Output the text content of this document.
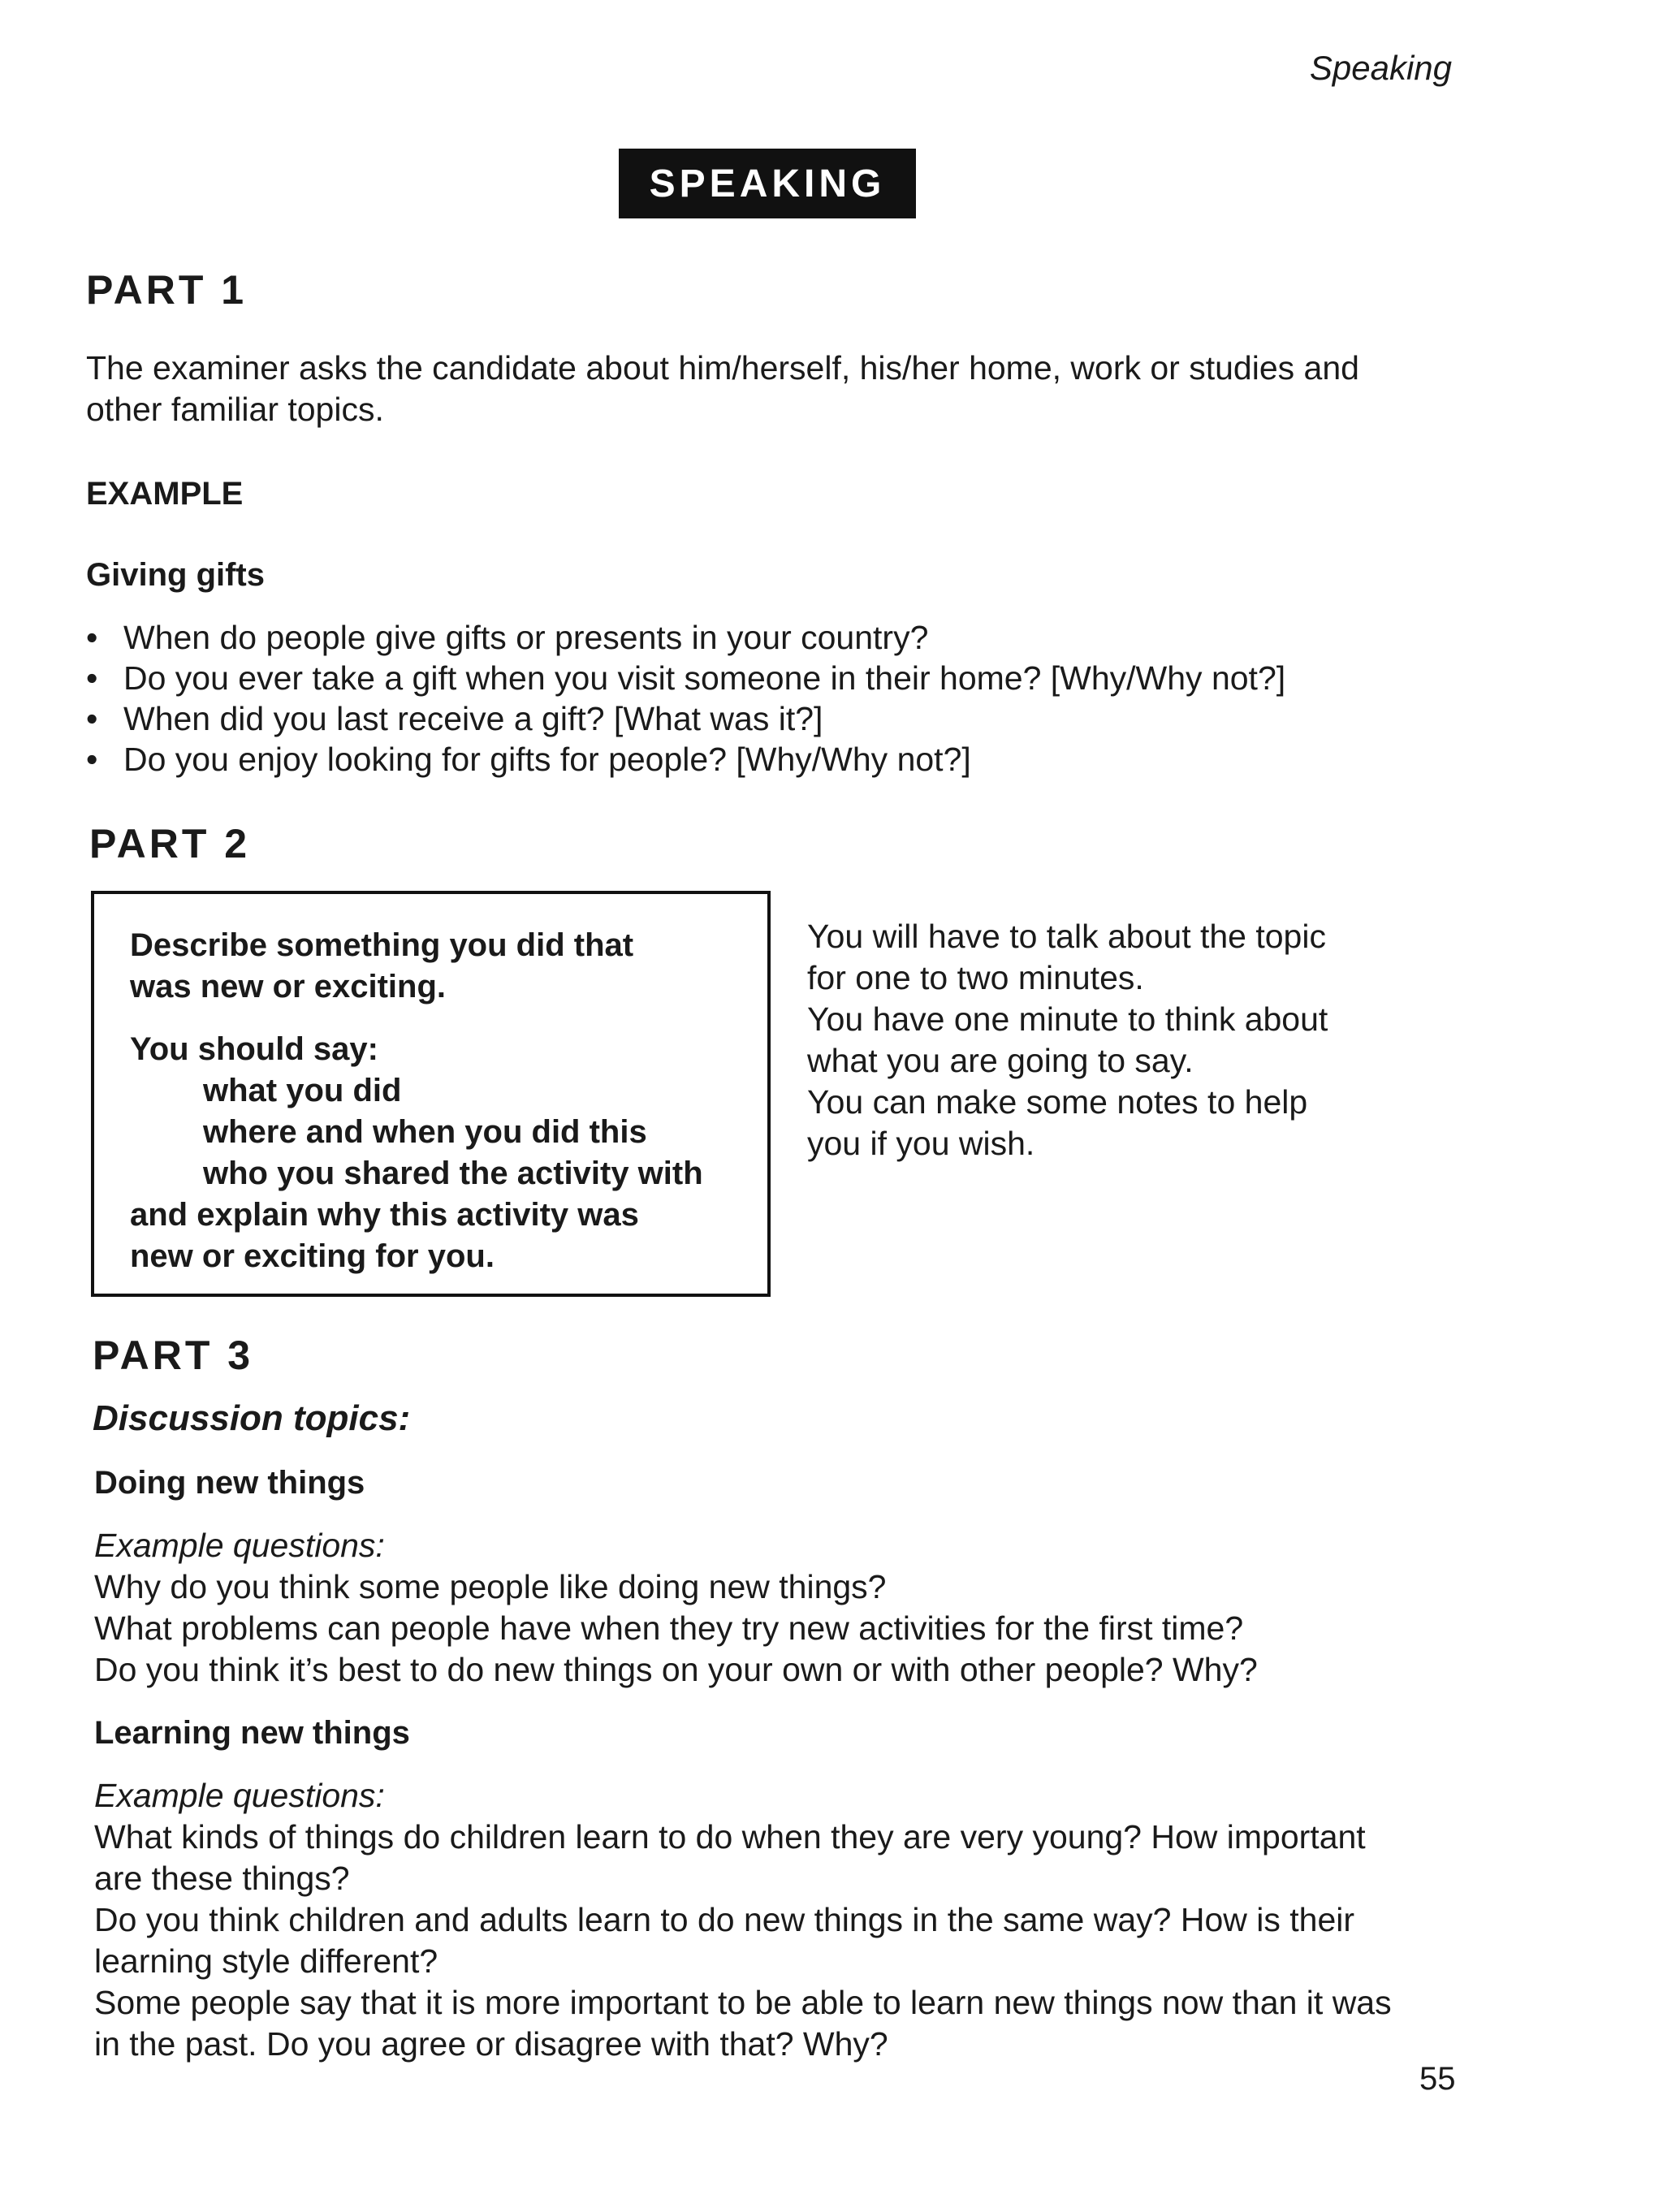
Speaking
SPEAKING
PART 1
The examiner asks the candidate about him/herself, his/her home, work or studies and
other familiar topics.
EXAMPLE
Giving gifts
• When do people give gifts or presents in your country?
• Do you ever take a gift when you visit someone in their home? [Why/Why not?]
• When did you last receive a gift? [What was it?]
• Do you enjoy looking for gifts for people? [Why/Why not?]
PART 2

Describe something you did that

was new or exciting.

You should say:

what you did

where and when you did this

who you shared the activity with

and explain why this activity was

new or exciting for you.

You will have to talk about the topic
for one to two minutes.
You have one minute to think about
what you are going to say.
You can make some notes to help
you if you wish.
PART 3
Discussion topics:
Doing new things
Example questions:
Why do you think some people like doing new things?
What problems can people have when they try new activities for the first time?
Do you think it’s best to do new things on your own or with other people? Why?
Learning new things
Example questions:
What kinds of things do children learn to do when they are very young? How important
are these things?
Do you think children and adults learn to do new things in the same way? How is their
learning style different?
Some people say that it is more important to be able to learn new things now than it was
in the past. Do you agree or disagree with that? Why?
55
